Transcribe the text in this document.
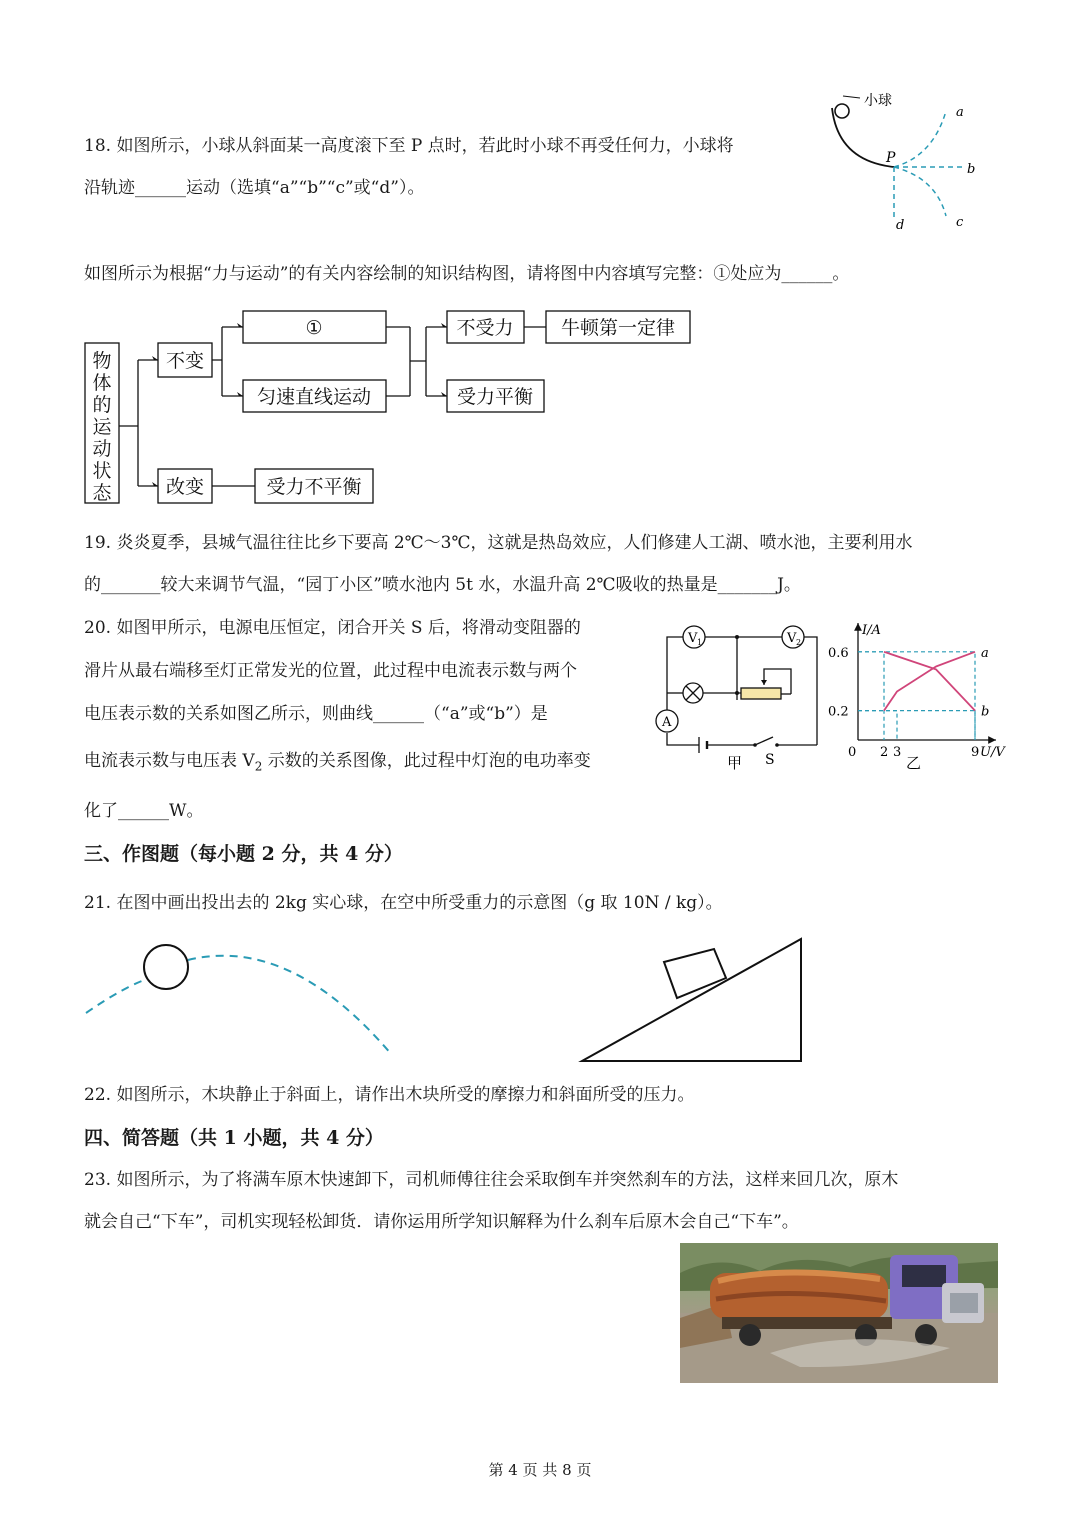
18. 如图所示，小球从斜面某一高度滚下至 P 点时，若此时小球不再受任何力，小球将
沿轨迹______运动（选填“a”“b”“c”或“d”）。
小球
P
a
b
c
d
如图所示为根据“力与运动”的有关内容绘制的知识结构图，请将图中内容填写完整：①处应为______。
物
体
的
运
动
状
态
不变
改变
①
匀速直线运动
不受力 牛顿第一定律
受力平衡
受力不平衡
19. 炎炎夏季，县城气温往往比乡下要高 2℃～3℃，这就是热岛效应，人们修建人工湖、喷水池，主要利用水
的_______较大来调节气温，“园丁小区”喷水池内 5t 水，水温升高 2℃吸收的热量是_______J。
20. 如图甲所示，电源电压恒定，闭合开关 S 后，将滑动变阻器的
滑片从最右端移至灯正常发光的位置，此过程中电流表示数与两个
电压表示数的关系如图乙所示，则曲线______（“a”或“b”）是
电流表示数与电压表 $V_2$ 示数的关系图像，此过程中灯泡的电功率变
化了______W。
V 1	V 2
A
甲 S
a
b
0.6
0.2
0 2 3	9
I/A
U/V
乙
三、作图题（每小题 2 分，共 4 分）
21. 在图中画出投出去的 2kg 实心球，在空中所受重力的示意图（g 取 10N / kg）。
22. 如图所示，木块静止于斜面上，请作出木块所受的摩擦力和斜面所受的压力。
四、简答题（共 1 小题，共 4 分）
23. 如图所示，为了将满车原木快速卸下，司机师傅往往会采取倒车并突然刹车的方法，这样来回几次，原木
就会自己“下车”，司机实现轻松卸货．请你运用所学知识解释为什么刹车后原木会自己“下车”。
第 4 页 共 8 页
